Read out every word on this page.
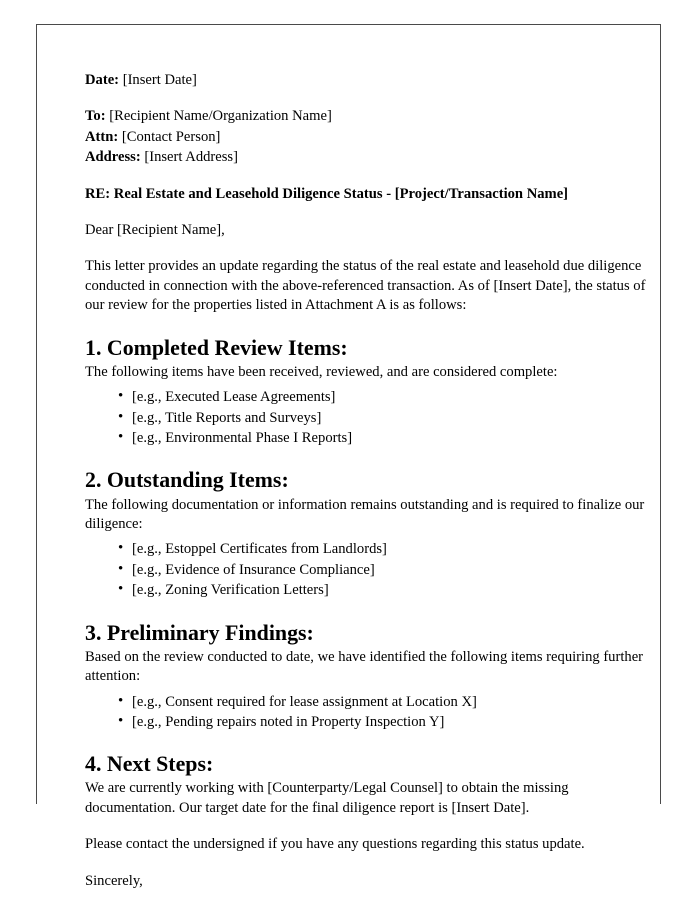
Date: [Insert Date]

To: [Recipient Name/Organization Name]

Attn: [Contact Person]

Address: [Insert Address]

RE: Real Estate and Leasehold Diligence Status - [Project/Transaction Name]

Dear [Recipient Name],

This letter provides an update regarding the status of the real estate and leasehold due diligence conducted in connection with the above-referenced transaction. As of [Insert Date], the status of our review for the properties listed in Attachment A is as follows:

1. Completed Review Items:

The following items have been received, reviewed, and are considered complete:

• [e.g., Executed Lease Agreements]
• [e.g., Title Reports and Surveys]
• [e.g., Environmental Phase I Reports]
2. Outstanding Items:

The following documentation or information remains outstanding and is required to finalize our diligence:

• [e.g., Estoppel Certificates from Landlords]
• [e.g., Evidence of Insurance Compliance]
• [e.g., Zoning Verification Letters]
3. Preliminary Findings:

Based on the review conducted to date, we have identified the following items requiring further attention:

• [e.g., Consent required for lease assignment at Location X]
• [e.g., Pending repairs noted in Property Inspection Y]
4. Next Steps:

We are currently working with [Counterparty/Legal Counsel] to obtain the missing documentation. Our target date for the final diligence report is [Insert Date].

Please contact the undersigned if you have any questions regarding this status update.

Sincerely,
